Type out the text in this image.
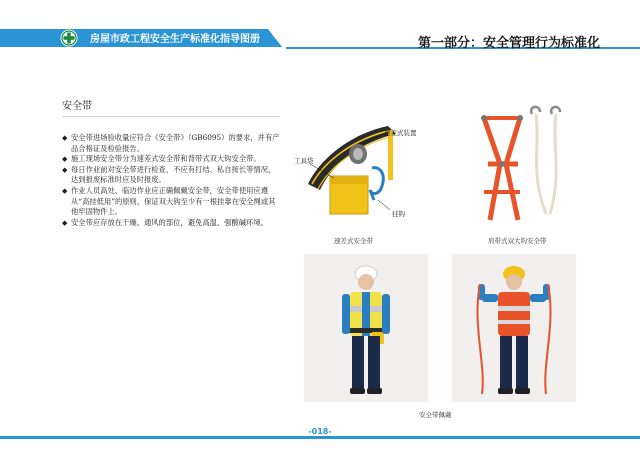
房屋市政工程安全生产标准化指导图册	第一部分：安全管理行为标准化
安全带
◆ 安全带进场验收量应符合《安全带》（GB6095）的要求，并有产品合格证及检验报告。
◆ 施工现场安全带分为速差式安全带和背带式双大钩安全带。
◆ 每日作业前对安全带进行检查，不应有打结、私自接长等情况，达到报废标准时应及时报废。
◆ 作业人员高处、临边作业应正确佩戴安全带，安全带使用应遵从“高挂低用”的原则，保证双大钩至少有一根挂靠在安全绳或其他牢固物件上。
◆ 安全带应存放在干燥、通风的部位，避免高温、强酸碱环境。
速差式装置
工具袋
挂钩
速差式安全带	肩带式双大钩安全带
安全带佩戴
-018-
